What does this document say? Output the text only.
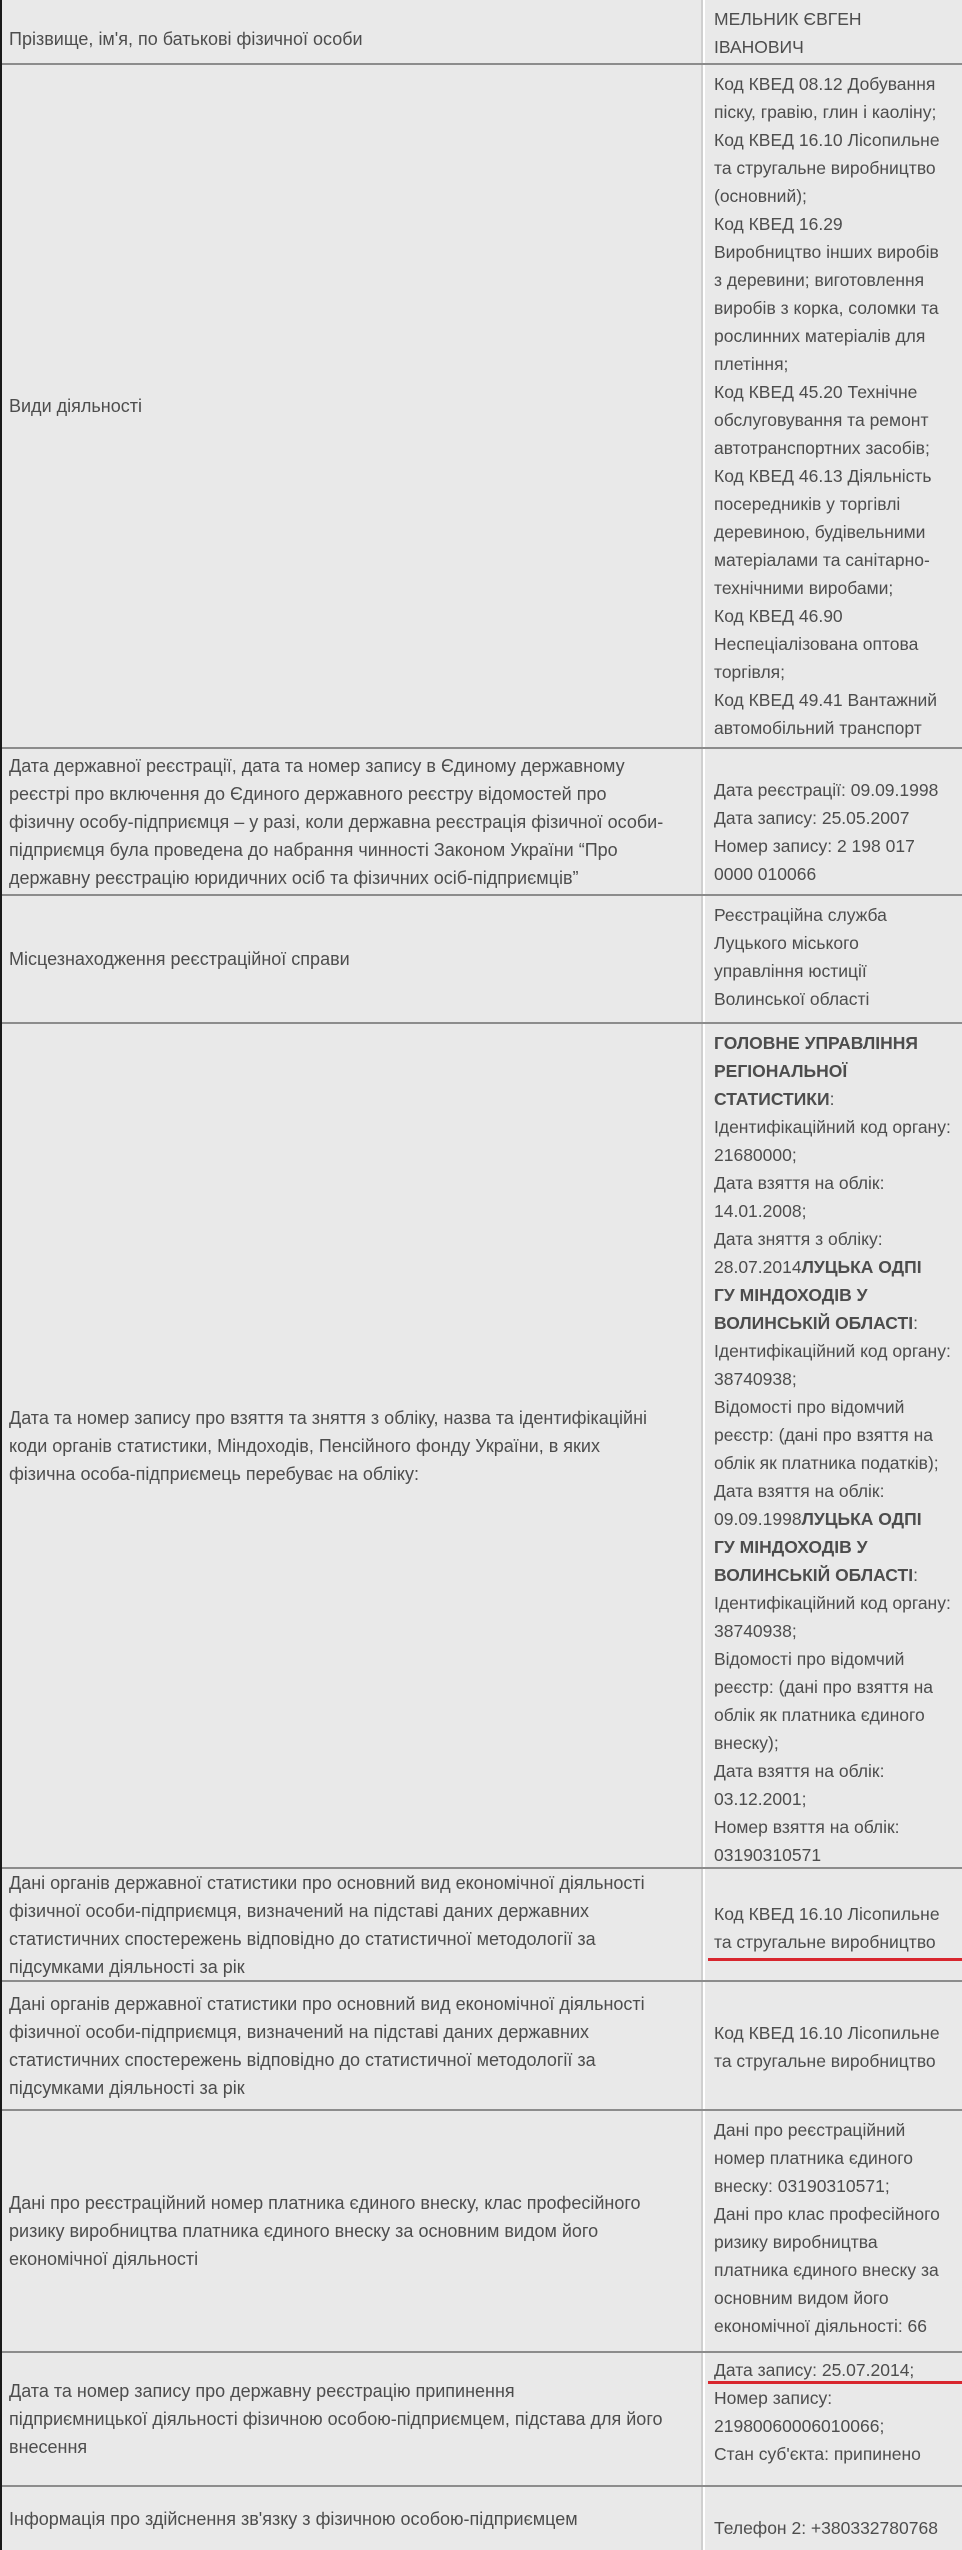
Прізвище, ім'я, по батькові фізичної особи
МЕЛЬНИК ЄВГЕН
ІВАНОВИЧ
Види діяльності
Код КВЕД 08.12 Добування
піску, гравію, глин і каоліну;
Код КВЕД 16.10 Лісопильне
та стругальне виробництво
(основний);
Код КВЕД 16.29
Виробництво інших виробів
з деревини; виготовлення
виробів з корка, соломки та
рослинних матеріалів для
плетіння;
Код КВЕД 45.20 Технічне
обслуговування та ремонт
автотранспортних засобів;
Код КВЕД 46.13 Діяльність
посередників у торгівлі
деревиною, будівельними
матеріалами та санітарно-
технічними виробами;
Код КВЕД 46.90
Неспеціалізована оптова
торгівля;
Код КВЕД 49.41 Вантажний
автомобільний транспорт
Дата державної реєстрації, дата та номер запису в Єдиному державному
реєстрі про включення до Єдиного державного реєстру відомостей про
фізичну особу-підприємця – у разі, коли державна реєстрація фізичної особи-
підприємця була проведена до набрання чинності Законом України “Про
державну реєстрацію юридичних осіб та фізичних осіб-підприємців”
Дата реєстрації: 09.09.1998
Дата запису: 25.05.2007
Номер запису: 2 198 017
0000 010066
Місцезнаходження реєстраційної справи
Реєстраційна служба
Луцького міського
управління юстиції
Волинської області
Дата та номер запису про взяття та зняття з обліку, назва та ідентифікаційні
коди органів статистики, Міндоходів, Пенсійного фонду України, в яких
фізична особа-підприємець перебуває на обліку:
ГОЛОВНЕ УПРАВЛІННЯ
РЕГІОНАЛЬНОЇ
СТАТИСТИКИ:
Ідентифікаційний код органу:
21680000;
Дата взяття на облік:
14.01.2008;
Дата зняття з обліку:
28.07.2014ЛУЦЬКА ОДПІ
ГУ МІНДОХОДІВ У
ВОЛИНСЬКІЙ ОБЛАСТІ:
Ідентифікаційний код органу:
38740938;
Відомості про відомчий
реєстр: (дані про взяття на
облік як платника податків);
Дата взяття на облік:
09.09.1998ЛУЦЬКА ОДПІ
ГУ МІНДОХОДІВ У
ВОЛИНСЬКІЙ ОБЛАСТІ:
Ідентифікаційний код органу:
38740938;
Відомості про відомчий
реєстр: (дані про взяття на
облік як платника єдиного
внеску);
Дата взяття на облік:
03.12.2001;
Номер взяття на облік:
03190310571
Дані органів державної статистики про основний вид економічної діяльності
фізичної особи-підприємця, визначений на підставі даних державних
статистичних спостережень відповідно до статистичної методології за
підсумками діяльності за рік
Код КВЕД 16.10 Лісопильне
та стругальне виробництво
Дані органів державної статистики про основний вид економічної діяльності
фізичної особи-підприємця, визначений на підставі даних державних
статистичних спостережень відповідно до статистичної методології за
підсумками діяльності за рік
Код КВЕД 16.10 Лісопильне
та стругальне виробництво
Дані про реєстраційний номер платника єдиного внеску, клас професійного
ризику виробництва платника єдиного внеску за основним видом його
економічної діяльності
Дані про реєстраційний
номер платника єдиного
внеску: 03190310571;
Дані про клас професійного
ризику виробництва
платника єдиного внеску за
основним видом його
економічної діяльності: 66
Дата та номер запису про державну реєстрацію припинення
підприємницької діяльності фізичною особою-підприємцем, підстава для його
внесення
Дата запису: 25.07.2014;
Номер запису:
21980060006010066;
Стан суб'єкта: припинено
Інформація про здійснення зв'язку з фізичною особою-підприємцем	Телефон 2: +380332780768
